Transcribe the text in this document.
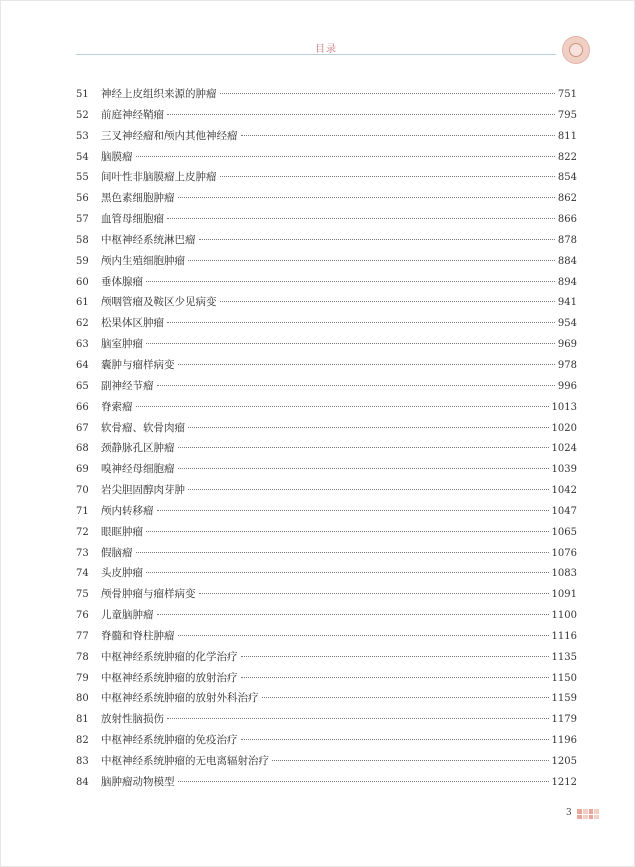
目录
51	神经上皮组织来源的肿瘤	751
52	前庭神经鞘瘤	795
53	三叉神经瘤和颅内其他神经瘤	811
54	脑膜瘤	822
55	间叶性非脑膜瘤上皮肿瘤	854
56	黑色素细胞肿瘤	862
57	血管母细胞瘤	866
58	中枢神经系统淋巴瘤	878
59	颅内生殖细胞肿瘤	884
60	垂体腺瘤	894
61	颅咽管瘤及鞍区少见病变	941
62	松果体区肿瘤	954
63	脑室肿瘤	969
64	囊肿与瘤样病变	978
65	副神经节瘤	996
66	脊索瘤	1013
67	软骨瘤、软骨肉瘤	1020
68	颈静脉孔区肿瘤	1024
69	嗅神经母细胞瘤	1039
70	岩尖胆固醇肉芽肿	1042
71	颅内转移瘤	1047
72	眼眶肿瘤	1065
73	假脑瘤	1076
74	头皮肿瘤	1083
75	颅骨肿瘤与瘤样病变	1091
76	儿童脑肿瘤	1100
77	脊髓和脊柱肿瘤	1116
78	中枢神经系统肿瘤的化学治疗	1135
79	中枢神经系统肿瘤的放射治疗	1150
80	中枢神经系统肿瘤的放射外科治疗	1159
81	放射性脑损伤	1179
82	中枢神经系统肿瘤的免疫治疗	1196
83	中枢神经系统肿瘤的无电离辐射治疗	1205
84	脑肿瘤动物模型	1212
3
